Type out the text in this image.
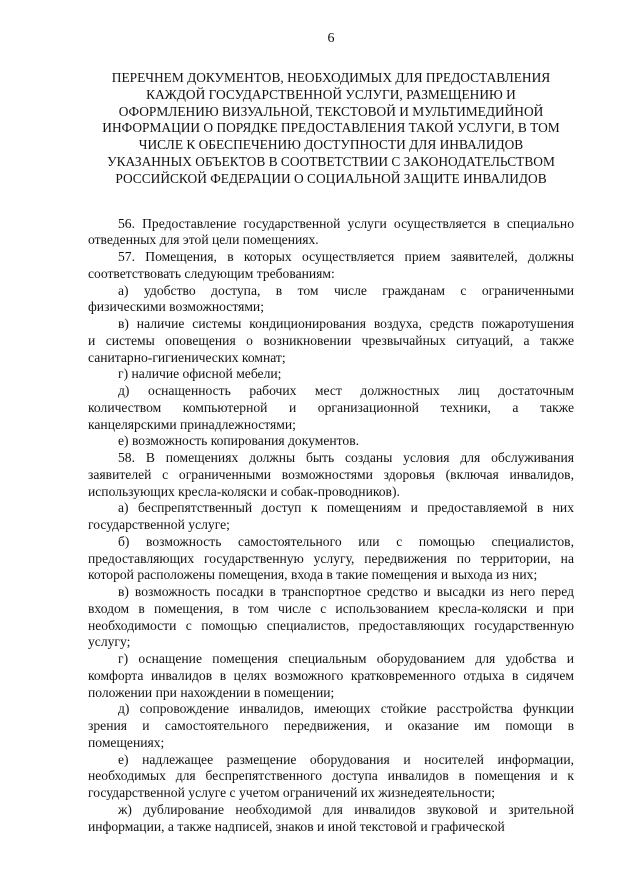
6
ПЕРЕЧНЕМ ДОКУМЕНТОВ, НЕОБХОДИМЫХ ДЛЯ ПРЕДОСТАВЛЕНИЯ
КАЖДОЙ ГОСУДАРСТВЕННОЙ УСЛУГИ, РАЗМЕЩЕНИЮ И
ОФОРМЛЕНИЮ ВИЗУАЛЬНОЙ, ТЕКСТОВОЙ И МУЛЬТИМЕДИЙНОЙ
ИНФОРМАЦИИ О ПОРЯДКЕ ПРЕДОСТАВЛЕНИЯ ТАКОЙ УСЛУГИ, В ТОМ
ЧИСЛЕ К ОБЕСПЕЧЕНИЮ ДОСТУПНОСТИ ДЛЯ ИНВАЛИДОВ
УКАЗАННЫХ ОБЪЕКТОВ В СООТВЕТСТВИИ С ЗАКОНОДАТЕЛЬСТВОМ
РОССИЙСКОЙ ФЕДЕРАЦИИ О СОЦИАЛЬНОЙ ЗАЩИТЕ ИНВАЛИДОВ
56. Предоставление государственной услуги осуществляется в специально
отведенных для этой цели помещениях.
57. Помещения, в которых осуществляется прием заявителей, должны
соответствовать следующим требованиям:
а) удобство доступа, в том числе гражданам с ограниченными
физическими возможностями;
в) наличие системы кондиционирования воздуха, средств пожаротушения
и системы оповещения о возникновении чрезвычайных ситуаций, а также
санитарно-гигиенических комнат;
г) наличие офисной мебели;
д) оснащенность рабочих мест должностных лиц достаточным
количеством компьютерной и организационной техники, а также
канцелярскими принадлежностями;
е) возможность копирования документов.
58. В помещениях должны быть созданы условия для обслуживания
заявителей с ограниченными возможностями здоровья (включая инвалидов,
использующих кресла-коляски и собак-проводников).
а) беспрепятственный доступ к помещениям и предоставляемой в них
государственной услуге;
б) возможность самостоятельного или с помощью специалистов,
предоставляющих государственную услугу, передвижения по территории, на
которой расположены помещения, входа в такие помещения и выхода из них;
в) возможность посадки в транспортное средство и высадки из него перед
входом в помещения, в том числе с использованием кресла-коляски и при
необходимости с помощью специалистов, предоставляющих государственную
услугу;
г) оснащение помещения специальным оборудованием для удобства и
комфорта инвалидов в целях возможного кратковременного отдыха в сидячем
положении при нахождении в помещении;
д) сопровождение инвалидов, имеющих стойкие расстройства функции
зрения и самостоятельного передвижения, и оказание им помощи в
помещениях;
е) надлежащее размещение оборудования и носителей информации,
необходимых для беспрепятственного доступа инвалидов в помещения и к
государственной услуге с учетом ограничений их жизнедеятельности;
ж) дублирование необходимой для инвалидов звуковой и зрительной
информации, а также надписей, знаков и иной текстовой и графической
